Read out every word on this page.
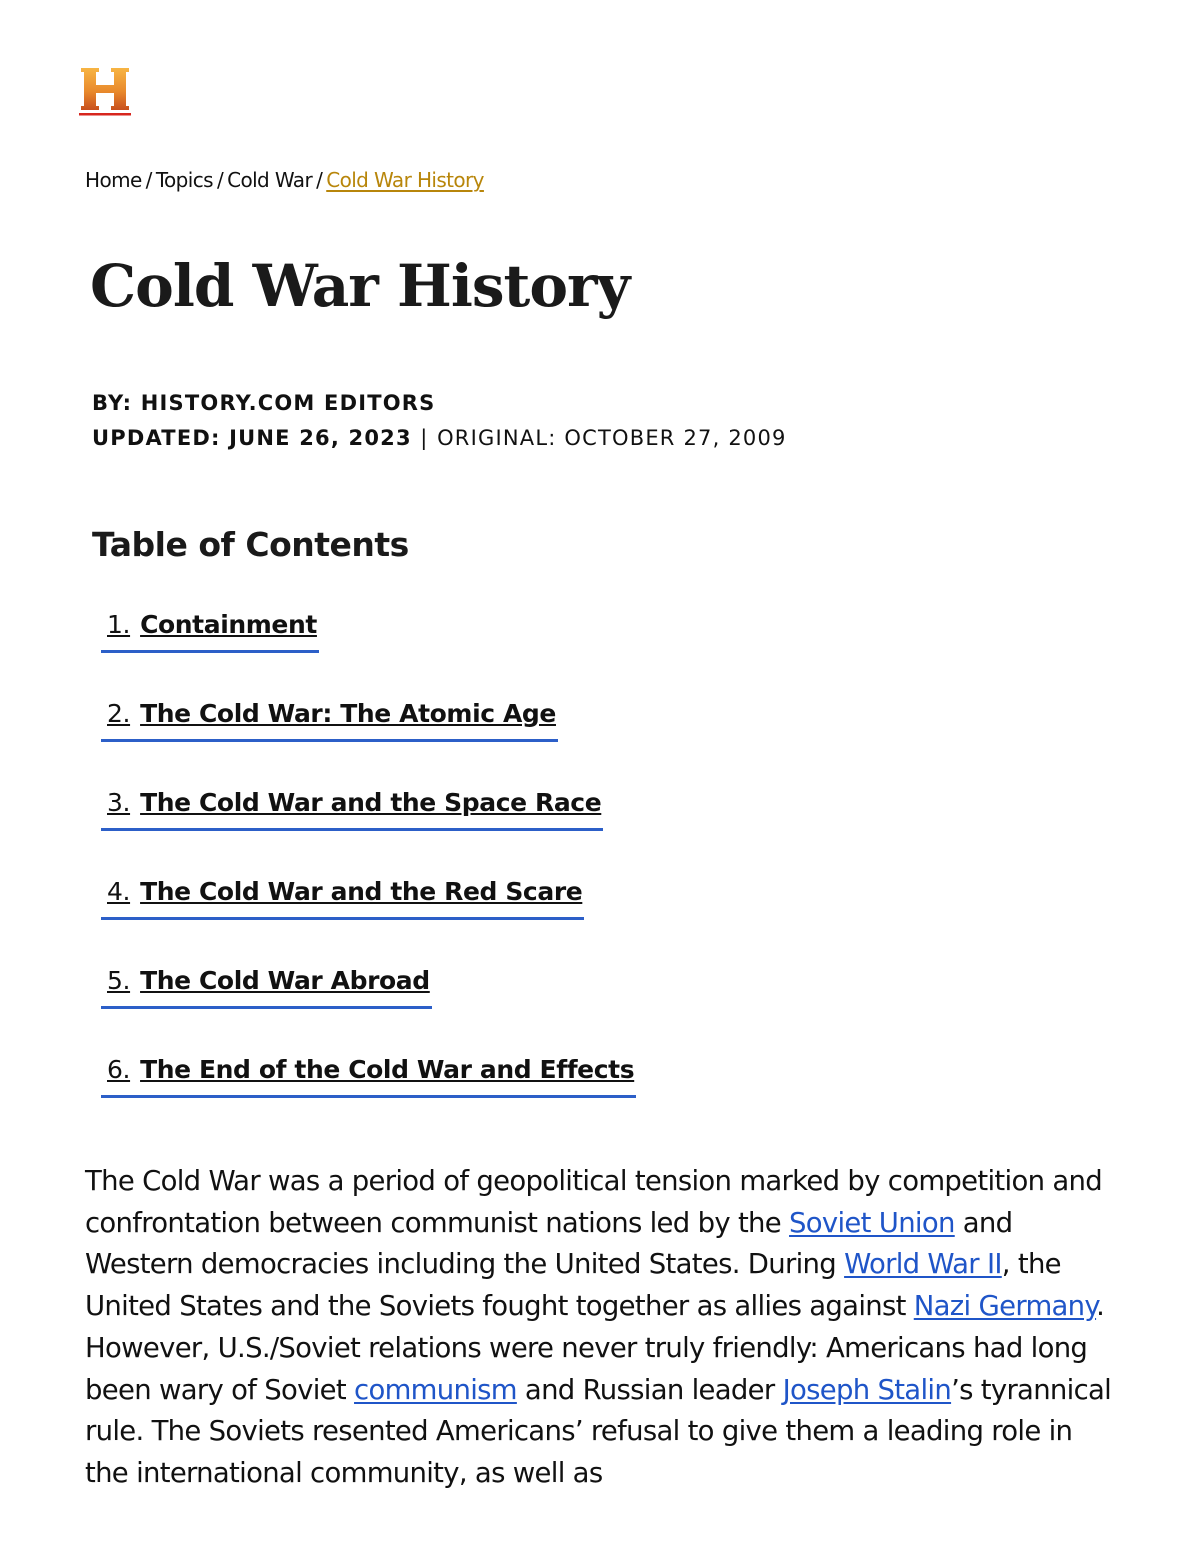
Home / Topics / Cold War / Cold War History
Cold War History
BY: HISTORY.COM EDITORS
UPDATED: JUNE 26, 2023 | ORIGINAL: OCTOBER 27, 2009
Table of Contents
1. Containment
2. The Cold War: The Atomic Age
3. The Cold War and the Space Race
4. The Cold War and the Red Scare
5. The Cold War Abroad
6. The End of the Cold War and Effects

The Cold War was a period of geopolitical tension marked by competition and confrontation between communist nations led by the Soviet Union and Western democracies including the United States. During World War II, the United States and the Soviets fought together as allies against Nazi Germany. However, U.S./Soviet relations were never truly friendly: Americans had long been wary of Soviet communism and Russian leader Joseph Stalin’s tyrannical rule. The Soviets resented Americans’ refusal to give them a leading role in the international community, as well as
